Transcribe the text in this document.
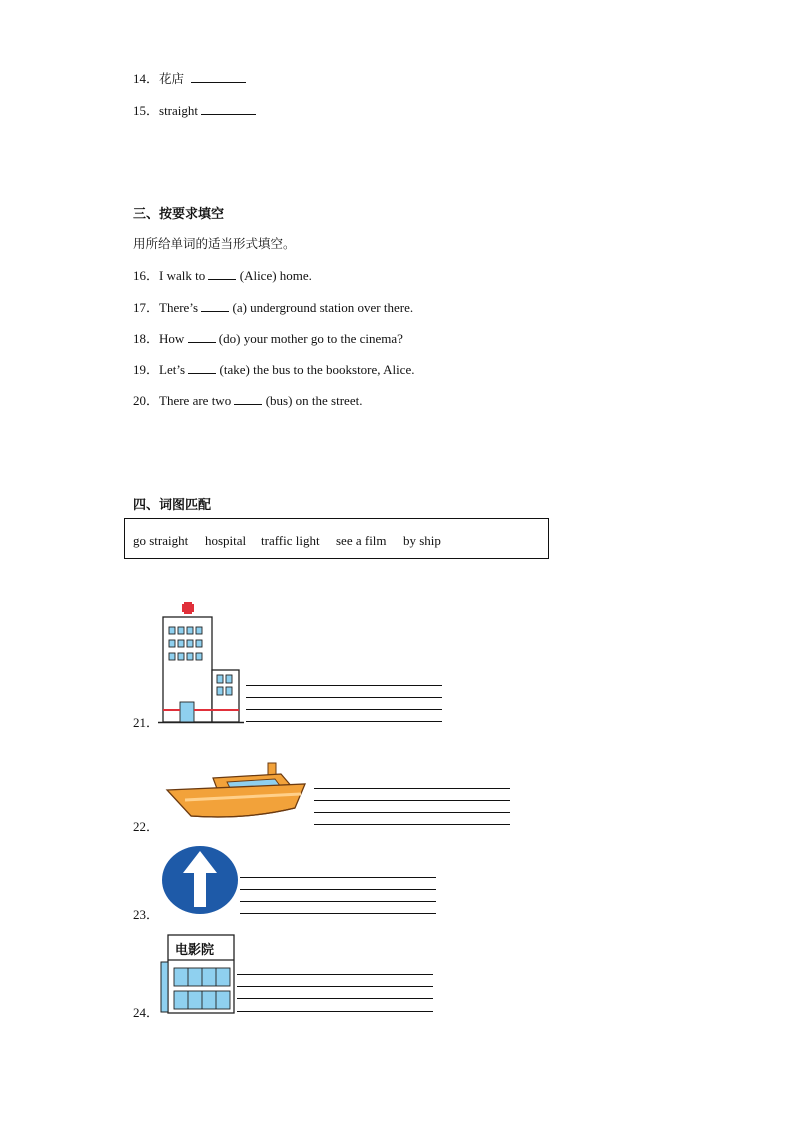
14．花店
15．straight
三、按要求填空
用所给单词的适当形式填空。
16．I walk to	(Alice) home.
17．There’s	(a) underground station over there.
18．How	(do) your mother go to the cinema?
19．Let’s	(take) the bus to the bookstore, Alice.
20．There are two	(bus) on the street.
四、词图匹配
go straight hospital traffic light see a film by ship
21．
22．
23．
24．
电影院
